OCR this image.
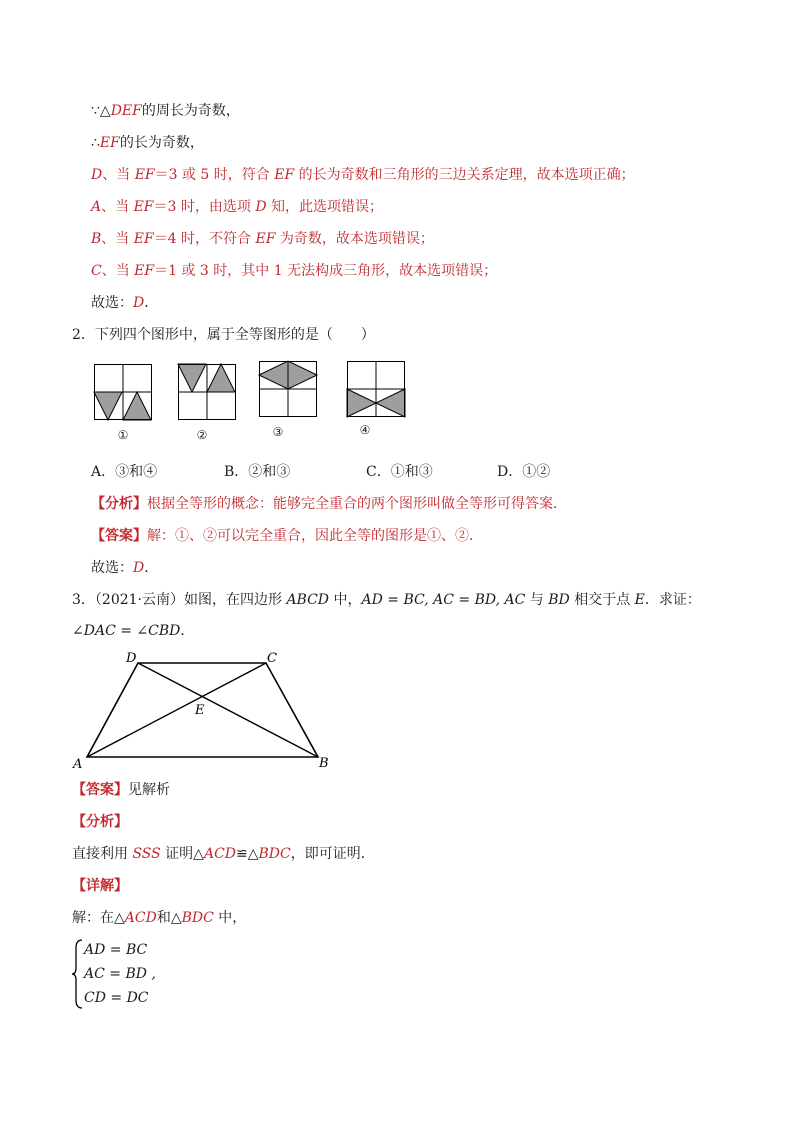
∵△DEF的周长为奇数，
∴EF的长为奇数，
D、当 EF＝3 或 5 时，符合 EF 的长为奇数和三角形的三边关系定理，故本选项正确；
A、当 EF＝3 时，由选项 D 知，此选项错误；
B、当 EF＝4 时，不符合 EF 为奇数，故本选项错误；
C、当 EF＝1 或 3 时，其中 1 无法构成三角形，故本选项错误；
故选：D．
2．下列四个图形中，属于全等图形的是（　　）
①	②	③	④
A．③和④	B．②和③	C．①和③	D．①②
【分析】根据全等形的概念：能够完全重合的两个图形叫做全等形可得答案．
【答案】解：①、②可以完全重合，因此全等的图形是①、②．
故选：D．
3．（2021·云南）如图，在四边形 ABCD 中，AD = BC, AC = BD, AC 与 BD 相交于点 E．求证：
∠DAC = ∠CBD．
D	C
E
A	B
【答案】见解析
【分析】
直接利用 SSS 证明△ACD≌△BDC，即可证明．
【详解】
解：在△ACD和△BDC 中，
AD = BC
AC = BD ,
CD = DC
